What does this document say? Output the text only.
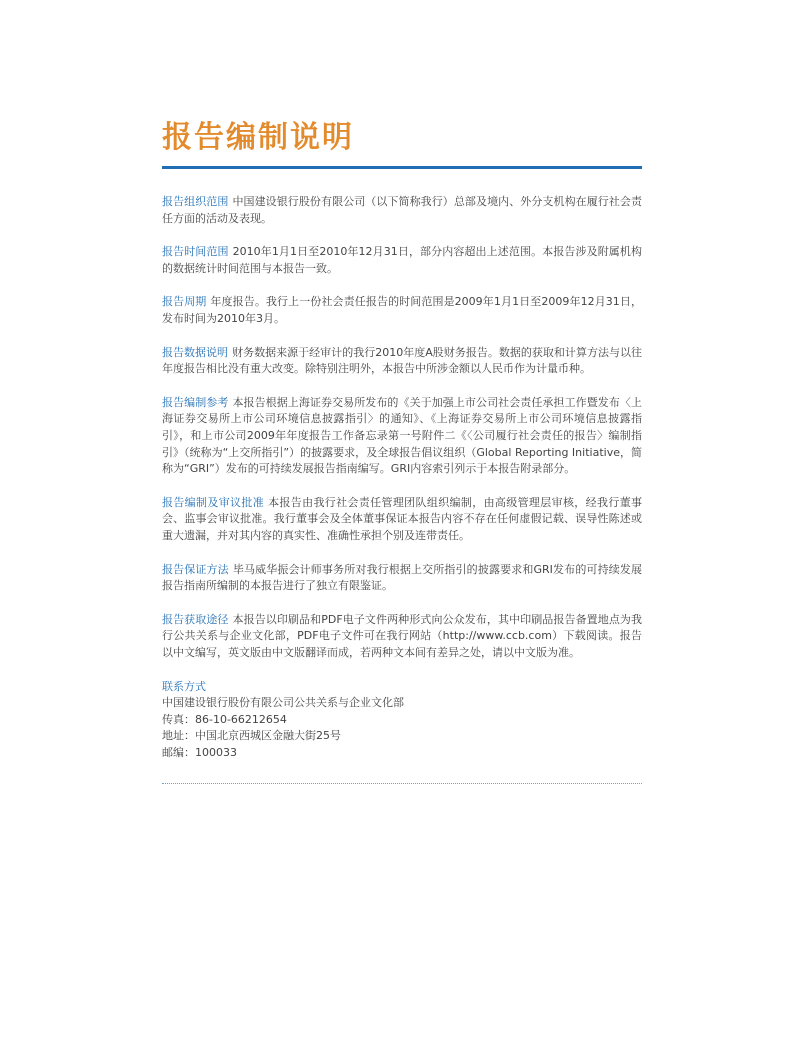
报告编制说明

报告组织范围 中国建设银行股份有限公司（以下简称我行）总部及境内、外分支机构在履行社会责任方面的活动及表现。

报告时间范围 2010年1月1日至2010年12月31日，部分内容超出上述范围。本报告涉及附属机构的数据统计时间范围与本报告一致。

报告周期 年度报告。我行上一份社会责任报告的时间范围是2009年1月1日至2009年12月31日，发布时间为2010年3月。

报告数据说明 财务数据来源于经审计的我行2010年度A股财务报告。数据的获取和计算方法与以往年度报告相比没有重大改变。除特别注明外，本报告中所涉金额以人民币作为计量币种。

报告编制参考 本报告根据上海证券交易所发布的《关于加强上市公司社会责任承担工作暨发布〈上海证券交易所上市公司环境信息披露指引〉的通知》、《上海证券交易所上市公司环境信息披露指引》，和上市公司2009年年度报告工作备忘录第一号附件二《〈公司履行社会责任的报告〉编制指引》（统称为“上交所指引”）的披露要求，及全球报告倡议组织（Global Reporting Initiative，简称为“GRI”）发布的可持续发展报告指南编写。GRI内容索引列示于本报告附录部分。

报告编制及审议批准 本报告由我行社会责任管理团队组织编制，由高级管理层审核，经我行董事会、监事会审议批准。我行董事会及全体董事保证本报告内容不存在任何虚假记载、误导性陈述或重大遗漏，并对其内容的真实性、准确性承担个别及连带责任。

报告保证方法 毕马威华振会计师事务所对我行根据上交所指引的披露要求和GRI发布的可持续发展报告指南所编制的本报告进行了独立有限鉴证。

报告获取途径 本报告以印刷品和PDF电子文件两种形式向公众发布，其中印刷品报告备置地点为我行公共关系与企业文化部，PDF电子文件可在我行网站（http://www.ccb.com）下载阅读。报告以中文编写，英文版由中文版翻译而成，若两种文本间有差异之处，请以中文版为准。

联系方式

中国建设银行股份有限公司公共关系与企业文化部

传真：86-10-66212654

地址：中国北京西城区金融大街25号

邮编：100033
